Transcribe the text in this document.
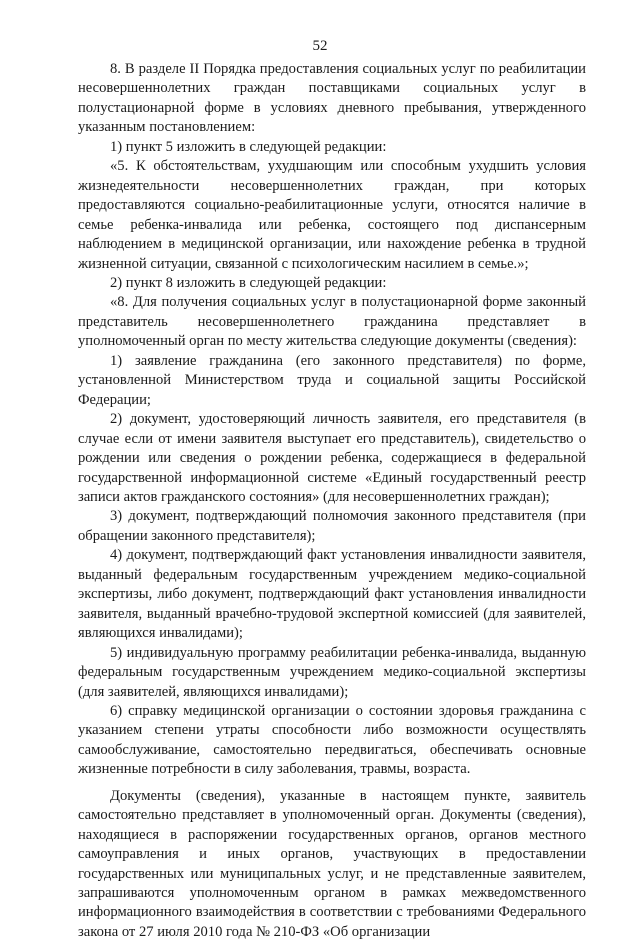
52

8. В разделе II Порядка предоставления социальных услуг по реабилитации несовершеннолетних граждан поставщиками социальных услуг в полустационарной форме в условиях дневного пребывания, утвержденного указанным постановлением:

1) пункт 5 изложить в следующей редакции:

«5. К обстоятельствам, ухудшающим или способным ухудшить условия жизнедеятельности несовершеннолетних граждан, при которых предоставляются социально-реабилитационные услуги, относятся наличие в семье ребенка-инвалида или ребенка, состоящего под диспансерным наблюдением в медицинской организации, или нахождение ребенка в трудной жизненной ситуации, связанной с психологическим насилием в семье.»;

2) пункт 8 изложить в следующей редакции:

«8. Для получения социальных услуг в полустационарной форме законный представитель несовершеннолетнего гражданина представляет в уполномоченный орган по месту жительства следующие документы (сведения):

1) заявление гражданина (его законного представителя) по форме, установленной Министерством труда и социальной защиты Российской Федерации;

2) документ, удостоверяющий личность заявителя, его представителя (в случае если от имени заявителя выступает его представитель), свидетельство о рождении или сведения о рождении ребенка, содержащиеся в федеральной государственной информационной системе «Единый государственный реестр записи актов гражданского состояния» (для несовершеннолетних граждан);

3) документ, подтверждающий полномочия законного представителя (при обращении законного представителя);

4) документ, подтверждающий факт установления инвалидности заявителя, выданный федеральным государственным учреждением медико-социальной экспертизы, либо документ, подтверждающий факт установления инвалидности заявителя, выданный врачебно-трудовой экспертной комиссией (для заявителей, являющихся инвалидами);

5) индивидуальную программу реабилитации ребенка-инвалида, выданную федеральным государственным учреждением медико-социальной экспертизы (для заявителей, являющихся инвалидами);

6) справку медицинской организации о состоянии здоровья гражданина с указанием степени утраты способности либо возможности осуществлять самообслуживание, самостоятельно передвигаться, обеспечивать основные жизненные потребности в силу заболевания, травмы, возраста.

Документы (сведения), указанные в настоящем пункте, заявитель самостоятельно представляет в уполномоченный орган. Документы (сведения), находящиеся в распоряжении государственных органов, органов местного самоуправления и иных органов, участвующих в предоставлении государственных или муниципальных услуг, и не представленные заявителем, запрашиваются уполномоченным органом в рамках межведомственного информационного взаимодействия в соответствии с требованиями Федерального закона от 27 июля 2010 года № 210-ФЗ «Об организации
